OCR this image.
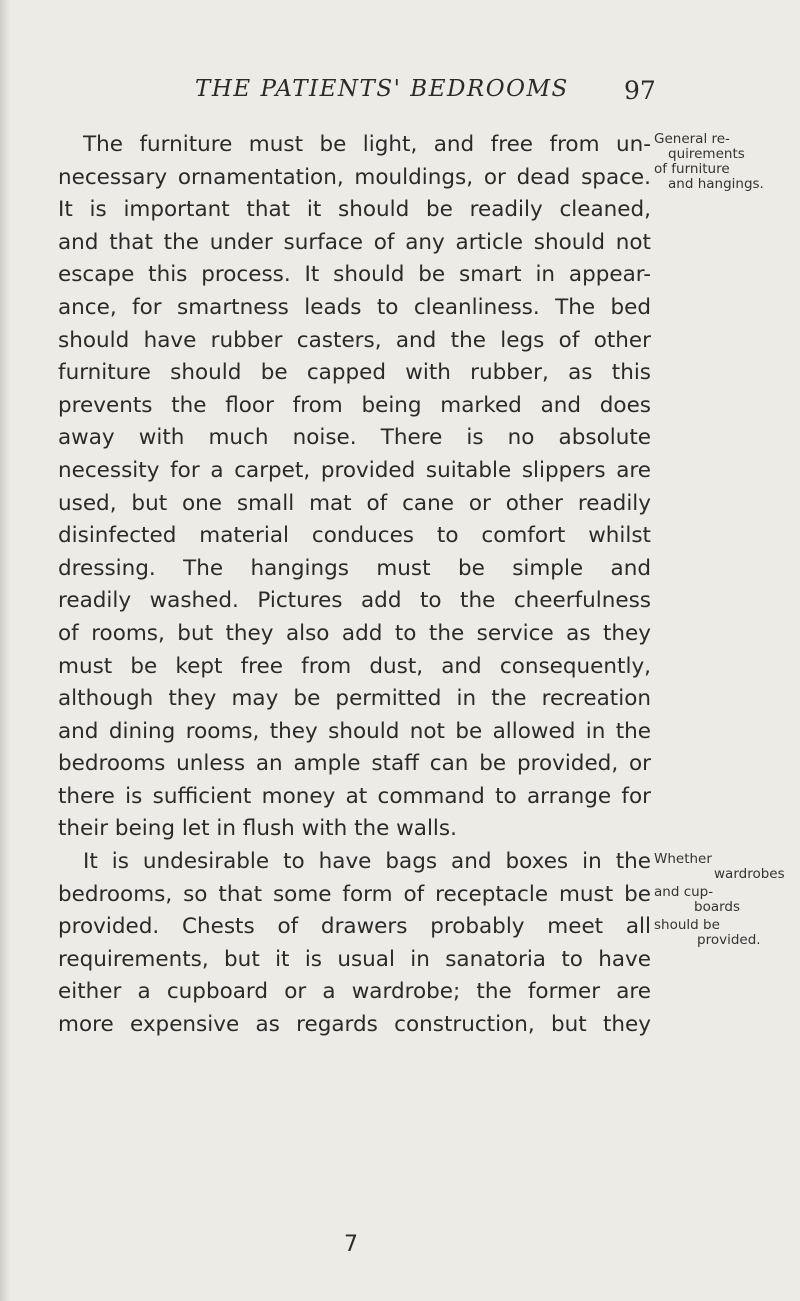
THE PATIENTS' BEDROOMS 97
The furniture must be light, and free from un-
necessary ornamentation, mouldings, or dead space.
It is important that it should be readily cleaned,
and that the under surface of any article should not
escape this process. It should be smart in appear-
ance, for smartness leads to cleanliness. The bed
should have rubber casters, and the legs of other
furniture should be capped with rubber, as this
prevents the floor from being marked and does
away with much noise. There is no absolute
necessity for a carpet, provided suitable slippers are
used, but one small mat of cane or other readily
disinfected material conduces to comfort whilst
dressing. The hangings must be simple and
readily washed. Pictures add to the cheerfulness
of rooms, but they also add to the service as they
must be kept free from dust, and consequently,
although they may be permitted in the recreation
and dining rooms, they should not be allowed in the
bedrooms unless an ample staff can be provided, or
there is sufficient money at command to arrange for
their being let in flush with the walls.
It is undesirable to have bags and boxes in the
bedrooms, so that some form of receptacle must be
provided. Chests of drawers probably meet all
requirements, but it is usual in sanatoria to have
either a cupboard or a wardrobe; the former are
more expensive as regards construction, but they
General re-
quirements
of furniture
and hangings.
Whether
wardrobes
and cup-
boards
should be
provided.
7
